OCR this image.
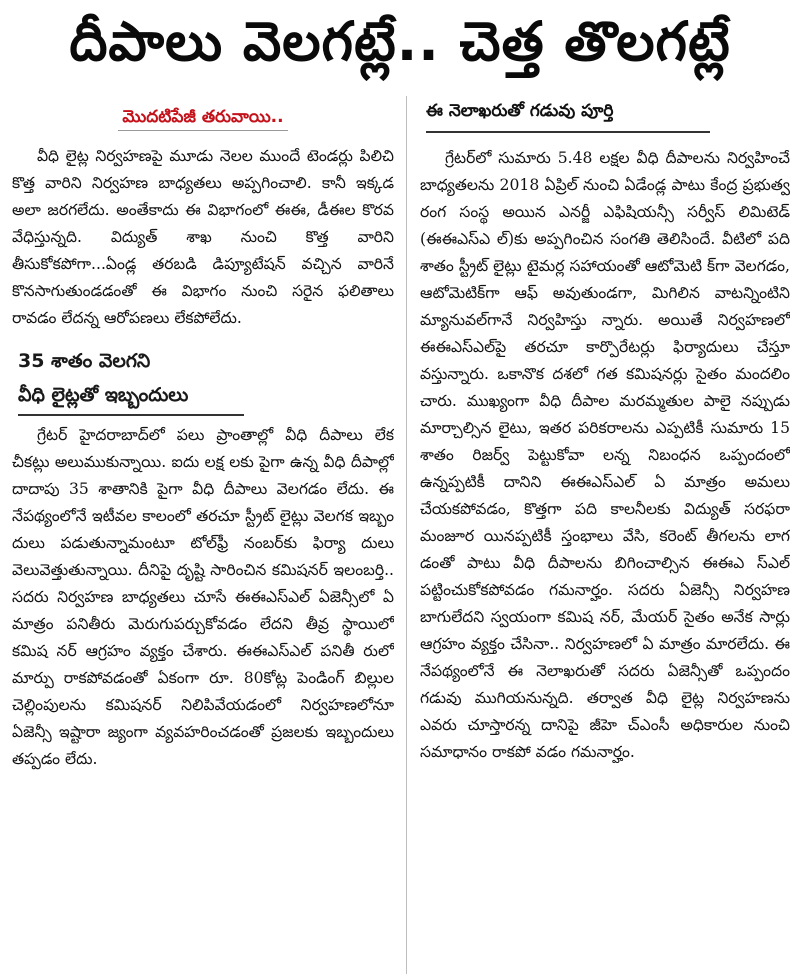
దీపాలు వెలగట్లే.. చెత్త తొలగట్లే
మొదటిపేజీ తరువాయి..

వీధి లైట్ల నిర్వహణపై మూడు నెలల ముందే టెండర్లు పిలిచి కొత్త వారిని నిర్వహణ బాధ్యతలు అప్పగించాలి. కానీ ఇక్కడ అలా జరగలేదు. అంతేకాదు ఈ విభాగంలో ఈఈ, డీఈల కొరవ వేధిస్తున్నది. విద్యుత్ శాఖ నుంచి కొత్త వారిని తీసుకోకపోగా...ఏండ్ల తరబడి డిప్యూటేషన్ వచ్చిన వారినే కొనసాగుతుండడంతో ఈ విభాగం నుంచి సరైన ఫలితాలు రావడం లేదన్న ఆరోపణలు లేకపోలేదు.

35 శాతం వెలగని
వీధి లైట్లతో ఇబ్బందులు

గ్రేటర్ హైదరాబాద్‌లో పలు ప్రాంతాల్లో వీధి దీపాలు లేక చీకట్లు అలుముకున్నాయి. ఐదు లక్ష లకు పైగా ఉన్న వీధి దీపాల్లో దాదాపు 35 శాతానికి పైగా వీధి దీపాలు వెలగడం లేదు. ఈ నేపథ్యంలోనే ఇటీవల కాలంలో తరచూ స్ట్రీట్ లైట్లు వెలగక ఇబ్బం దులు పడుతున్నామంటూ టోల్‌ఫ్రీ నంబర్‌కు ఫిర్యా దులు వెలువెత్తుతున్నాయి. దీనిపై దృష్టి సారించిన కమిషనర్ ఇలంబర్తి.. సదరు నిర్వహణ బాధ్యతలు చూసే ఈఈఎస్ఎల్ ఏజెన్సీలో ఏ మాత్రం పనితీరు మెరుగుపర్చుకోవడం లేదని తీవ్ర స్థాయిలో కమిష నర్ ఆగ్రహం వ్యక్తం చేశారు. ఈఈఎస్ఎల్ పనితీ రులో మార్పు రాకపోవడంతో ఏకంగా రూ. 80కోట్ల పెండింగ్ బిల్లుల చెల్లింపులను కమిషనర్ నిలిపివేయడంలో నిర్వహణలోనూ ఏజెన్సీ ఇష్టారా జ్యంగా వ్యవహరించడంతో ప్రజలకు ఇబ్బందులు తప్పడం లేదు.

ఈ నెలాఖరుతో గడువు పూర్తి

గ్రేటర్‌లో సుమారు 5.48 లక్షల వీధి దీపాలను నిర్వహించే బాధ్యతలను 2018 ఏప్రిల్ నుంచి ఏడేండ్ల పాటు కేంద్ర ప్రభుత్వ రంగ సంస్థ అయిన ఎనర్జీ ఎఫిషియన్సీ సర్వీస్ లిమిటెడ్ (ఈఈఎస్ఎ ల్)కు అప్పగించిన సంగతి తెలిసిందే. వీటిలో పది శాతం స్ట్రీట్ లైట్లు టైమర్ల సహాయంతో ఆటోమెటి క్‌గా వెలగడం, ఆటోమెటిక్‌గా ఆఫ్ అవుతుండగా, మిగిలిన వాటన్నింటిని మ్యానువల్‌గానే నిర్వహిస్తు న్నారు. అయితే నిర్వహణలో ఈఈఎస్ఎల్‌పై తరచూ కార్పొరేటర్లు ఫిర్యాదులు చేస్తూ వస్తున్నారు. ఒకానొక దశలో గత కమిషనర్లు సైతం మందలిం చారు. ముఖ్యంగా వీధి దీపాల మరమ్మతుల పాలై నప్పుడు మార్చాల్సిన లైటు, ఇతర పరికరాలను ఎప్పటికీ సుమారు 15 శాతం రిజర్వ్ పెట్టుకోవా లన్న నిబంధన ఒప్పందంలో ఉన్నప్పటికీ దానిని ఈఈఎస్ఎల్ ఏ మాత్రం అమలు చేయకపోవడం, కొత్తగా పది కాలనీలకు విద్యుత్ సరఫరా మంజూర యినప్పటికీ స్తంభాలు వేసి, కరెంట్ తీగలను లాగ డంతో పాటు వీధి దీపాలను బిగించాల్సిన ఈఈఎ స్ఎల్ పట్టించుకోకపోవడం గమనార్హం. సదరు ఏజెన్సీ నిర్వహణ బాగులేదని స్వయంగా కమిష నర్, మేయర్ సైతం అనేక సార్లు ఆగ్రహం వ్యక్తం చేసినా.. నిర్వహణలో ఏ మాత్రం మారలేదు. ఈ నేపథ్యంలోనే ఈ నెలాఖరుతో సదరు ఏజెన్సీతో ఒప్పందం గడువు ముగియనున్నది. తర్వాత వీధి లైట్ల నిర్వహణను ఎవరు చూస్తారన్న దానిపై జీహె చ్ఎంసీ అధికారుల నుంచి సమాధానం రాకపో వడం గమనార్హం.
